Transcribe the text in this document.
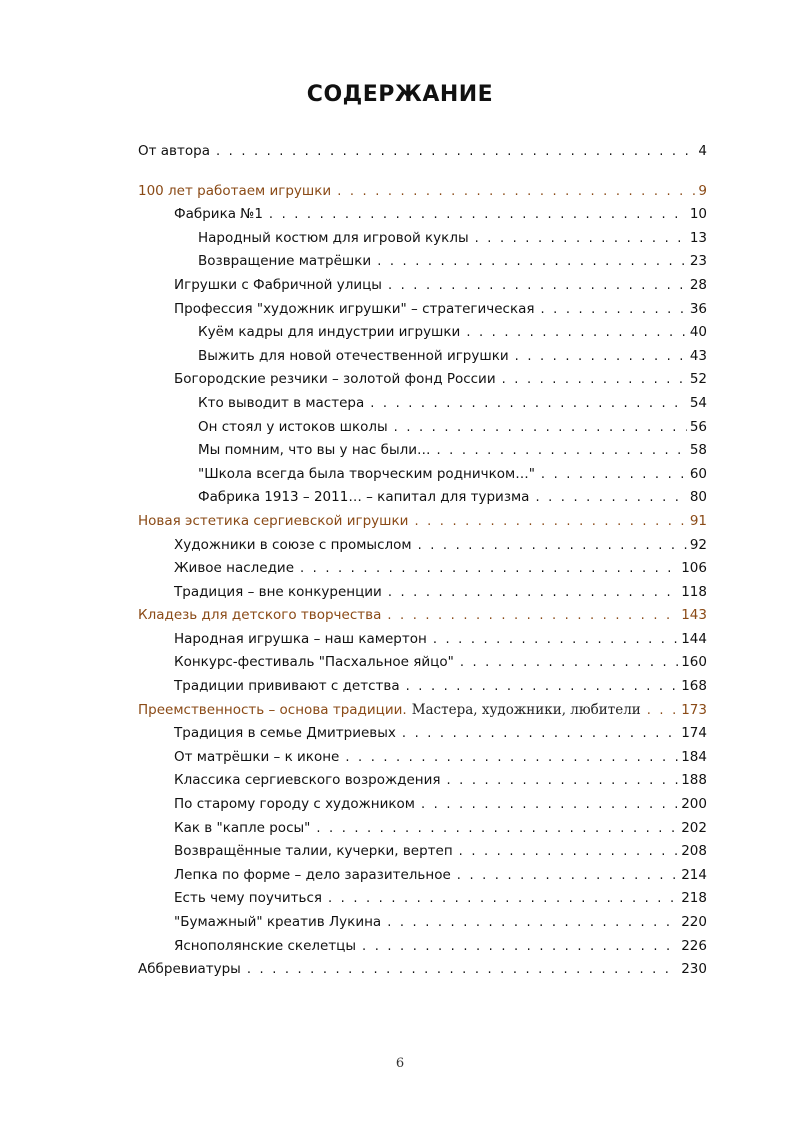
СОДЕРЖАНИЕ
От автора . . .	4
100 лет работаем игрушки . . .	9
Фабрика №1 . . .	10
Народный костюм для игровой куклы . . .	13
Возвращение матрёшки . . .	23
Игрушки с Фабричной улицы . . .	28
Профессия "художник игрушки" – стратегическая . . .	36
Куём кадры для индустрии игрушки . . .	40
Выжить для новой отечественной игрушки . . .	43
Богородские резчики – золотой фонд России . . .	52
Кто выводит в мастера . . .	54
Он стоял у истоков школы . . .	56
Мы помним, что вы у нас были… . . .	58
"Школа всегда была творческим родничком…" . . .	60
Фабрика 1913 – 2011… – капитал для туризма . . .	80
Новая эстетика сергиевской игрушки . . .	91
Художники в союзе с промыслом . . .	92
Живое наследие . . .	106
Традиция – вне конкуренции . . .	118
Кладезь для детского творчества . . .	143
Народная игрушка – наш камертон . . .	144
Конкурс-фестиваль "Пасхальное яйцо" . . .	160
Традиции прививают с детства . . .	168
Преемственность – основа традиции. Мастера, художники, любители . . .	173
Традиция в семье Дмитриевых . . .	174
От матрёшки – к иконе . . .	184
Классика сергиевского возрождения . . .	188
По старому городу с художником . . .	200
Как в "капле росы" . . .	202
Возвращённые талии, кучерки, вертеп . . .	208
Лепка по форме – дело заразительное . . .	214
Есть чему поучиться . . .	218
"Бумажный" креатив Лукина . . .	220
Яснополянские скелетцы . . .	226
Аббревиатуры . . .	230
6
